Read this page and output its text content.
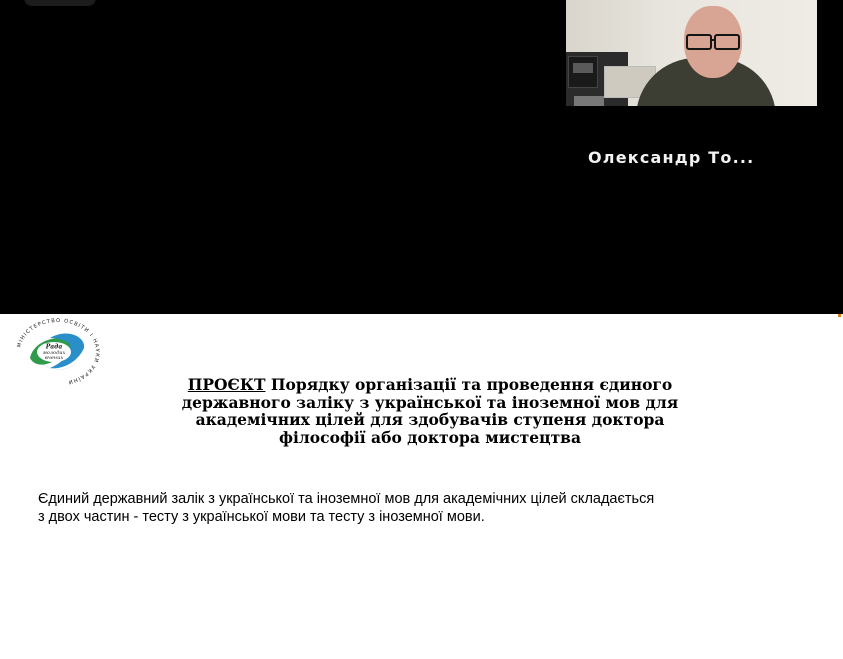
Олександр То...
МІНІСТЕРСТВО ОСВІТИ І НАУКИ УКРАЇНИ
Рада
молодих
вчених
ПРОЄКТ Порядку організації та проведення єдиного
державного заліку з української та іноземної мов для
академічних цілей для здобувачів ступеня доктора
філософії або доктора мистецтва
Єдиний державний залік з української та іноземної мов для академічних цілей складається
з двох частин - тесту з української мови та тесту з іноземної мови.
